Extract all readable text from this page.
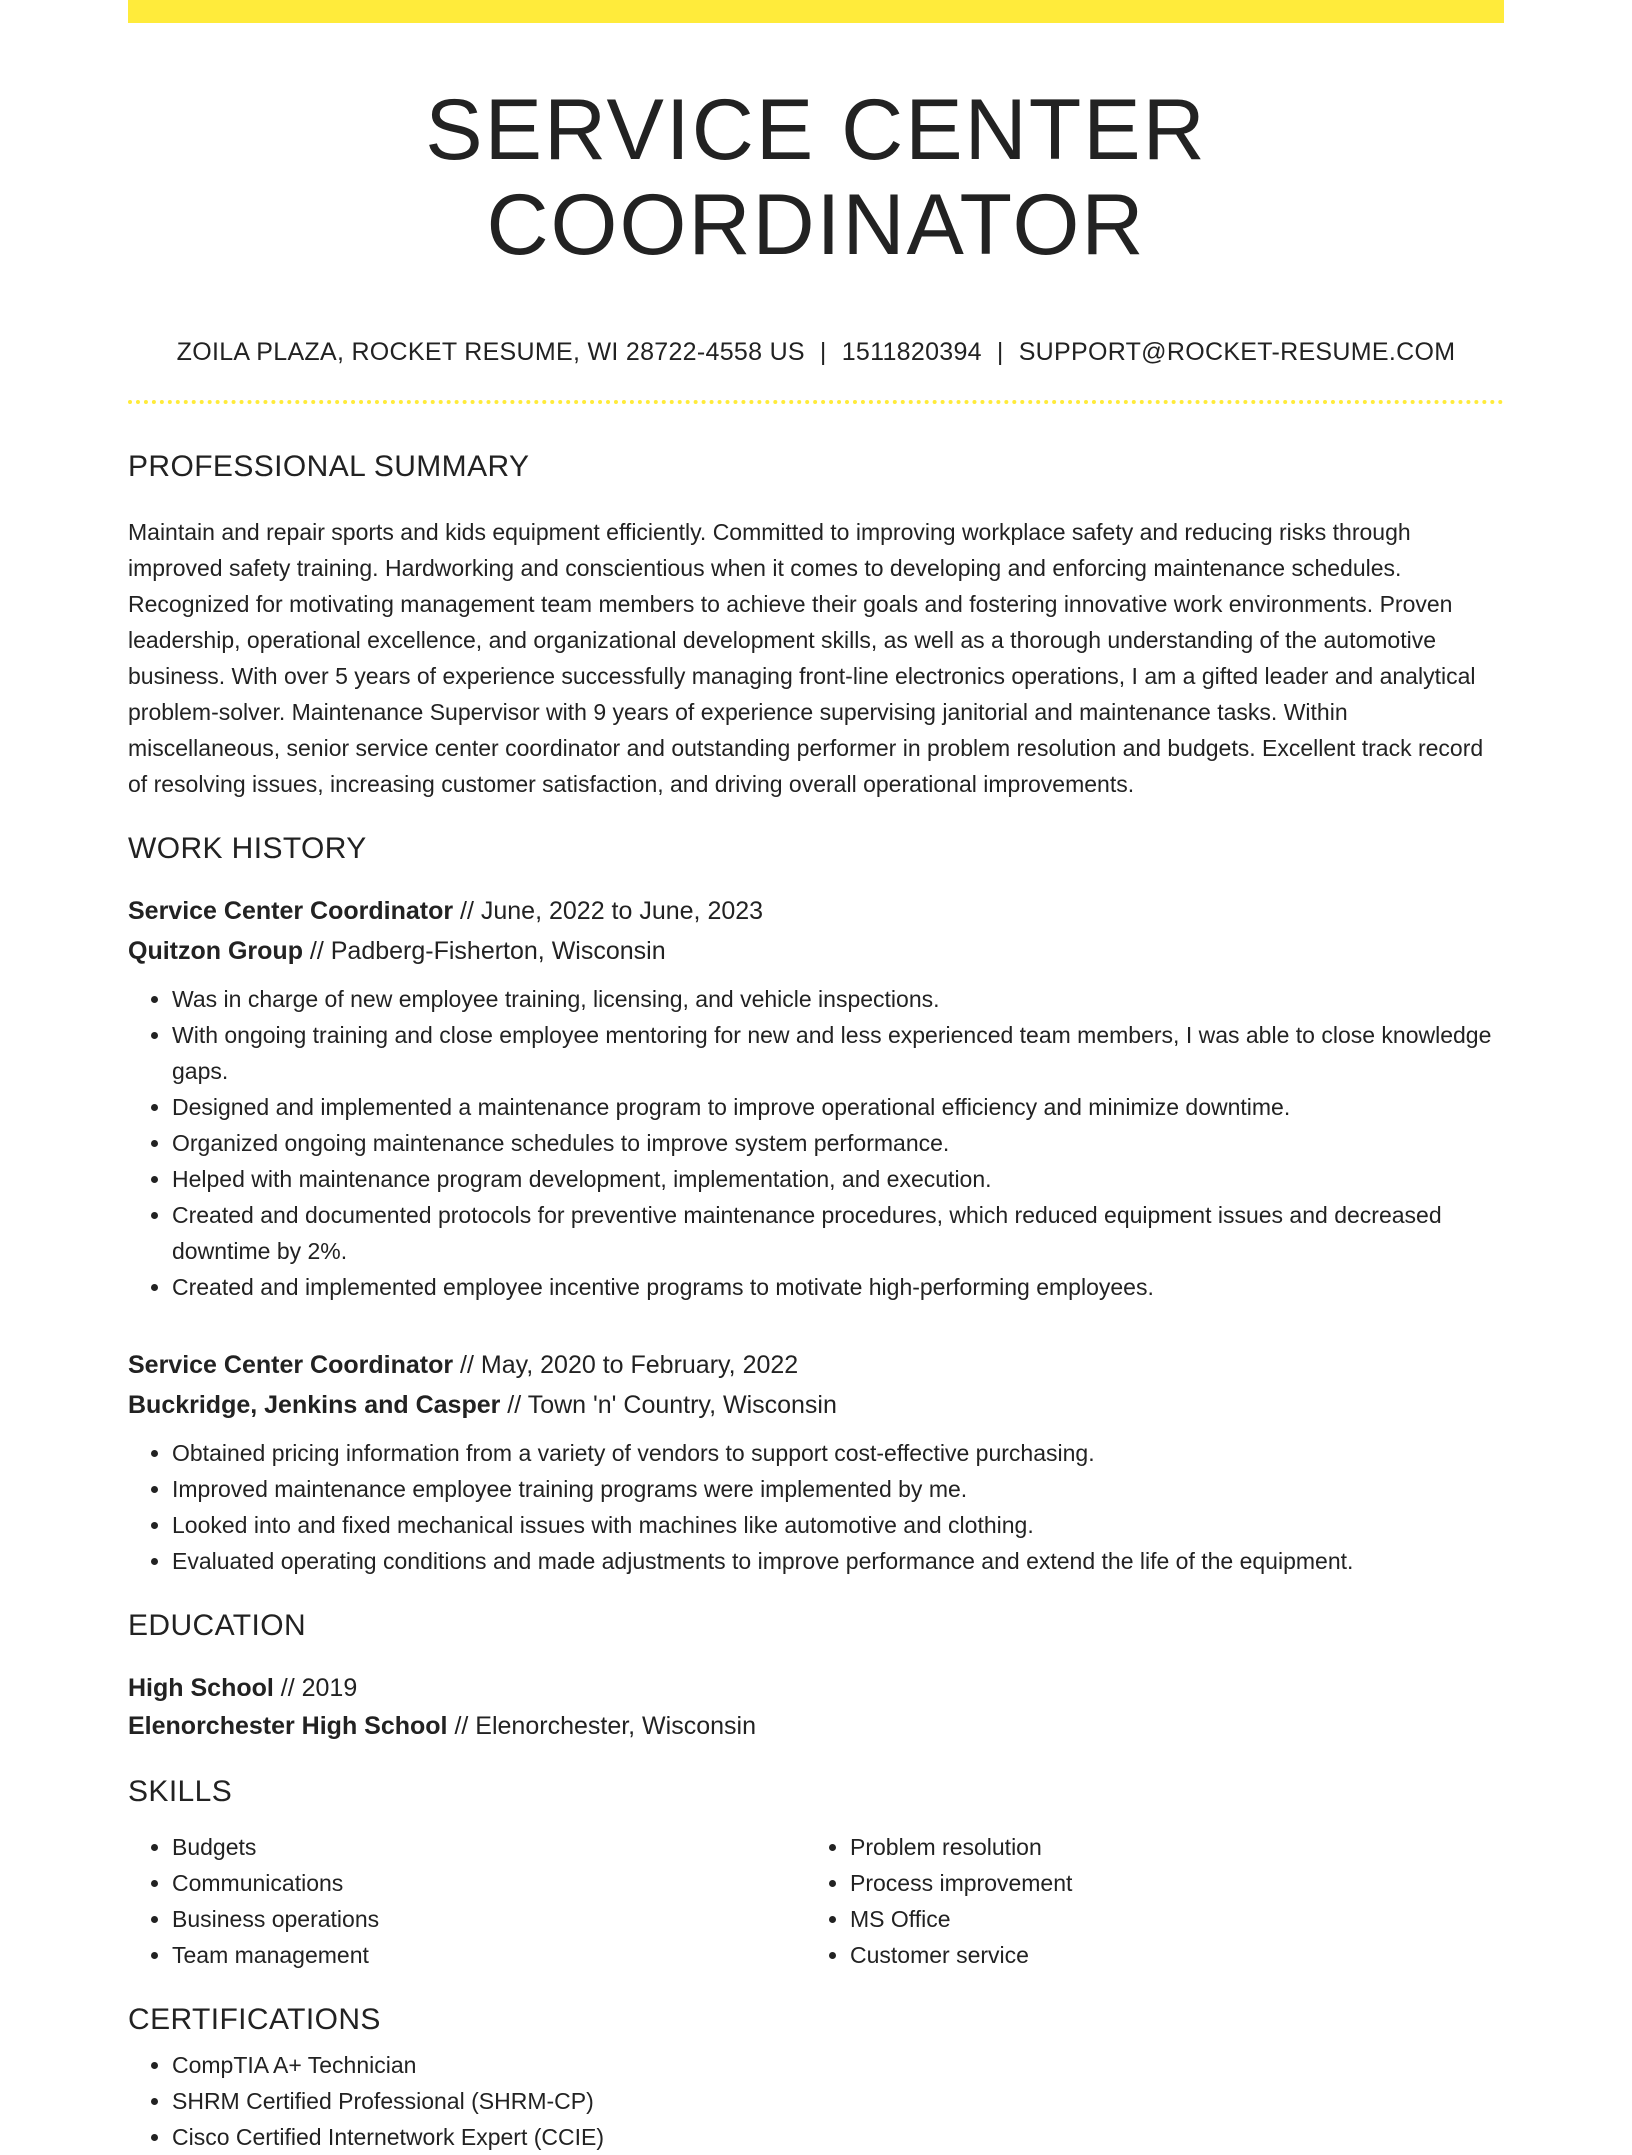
SERVICE CENTER COORDINATOR
ZOILA PLAZA, ROCKET RESUME, WI 28722-4558 US | 1511820394 | SUPPORT@ROCKET-RESUME.COM
PROFESSIONAL SUMMARY

Maintain and repair sports and kids equipment efficiently. Committed to improving workplace safety and reducing risks through improved safety training. Hardworking and conscientious when it comes to developing and enforcing maintenance schedules. Recognized for motivating management team members to achieve their goals and fostering innovative work environments. Proven leadership, operational excellence, and organizational development skills, as well as a thorough understanding of the automotive business. With over 5 years of experience successfully managing front-line electronics operations, I am a gifted leader and analytical problem-solver. Maintenance Supervisor with 9 years of experience supervising janitorial and maintenance tasks. Within miscellaneous, senior service center coordinator and outstanding performer in problem resolution and budgets. Excellent track record of resolving issues, increasing customer satisfaction, and driving overall operational improvements.

WORK HISTORY
Service Center Coordinator // June, 2022 to June, 2023
Quitzon Group // Padberg-Fisherton, Wisconsin
• Was in charge of new employee training, licensing, and vehicle inspections.
• With ongoing training and close employee mentoring for new and less experienced team members, I was able to close knowledge gaps.
• Designed and implemented a maintenance program to improve operational efficiency and minimize downtime.
• Organized ongoing maintenance schedules to improve system performance.
• Helped with maintenance program development, implementation, and execution.
• Created and documented protocols for preventive maintenance procedures, which reduced equipment issues and decreased downtime by 2%.
• Created and implemented employee incentive programs to motivate high-performing employees.
Service Center Coordinator // May, 2020 to February, 2022
Buckridge, Jenkins and Casper // Town 'n' Country, Wisconsin
• Obtained pricing information from a variety of vendors to support cost-effective purchasing.
• Improved maintenance employee training programs were implemented by me.
• Looked into and fixed mechanical issues with machines like automotive and clothing.
• Evaluated operating conditions and made adjustments to improve performance and extend the life of the equipment.
EDUCATION
High School // 2019
Elenorchester High School // Elenorchester, Wisconsin
SKILLS
• Budgets
• Communications
• Business operations
• Team management
• Problem resolution
• Process improvement
• MS Office
• Customer service
CERTIFICATIONS
• CompTIA A+ Technician
• SHRM Certified Professional (SHRM-CP)
• Cisco Certified Internetwork Expert (CCIE)
